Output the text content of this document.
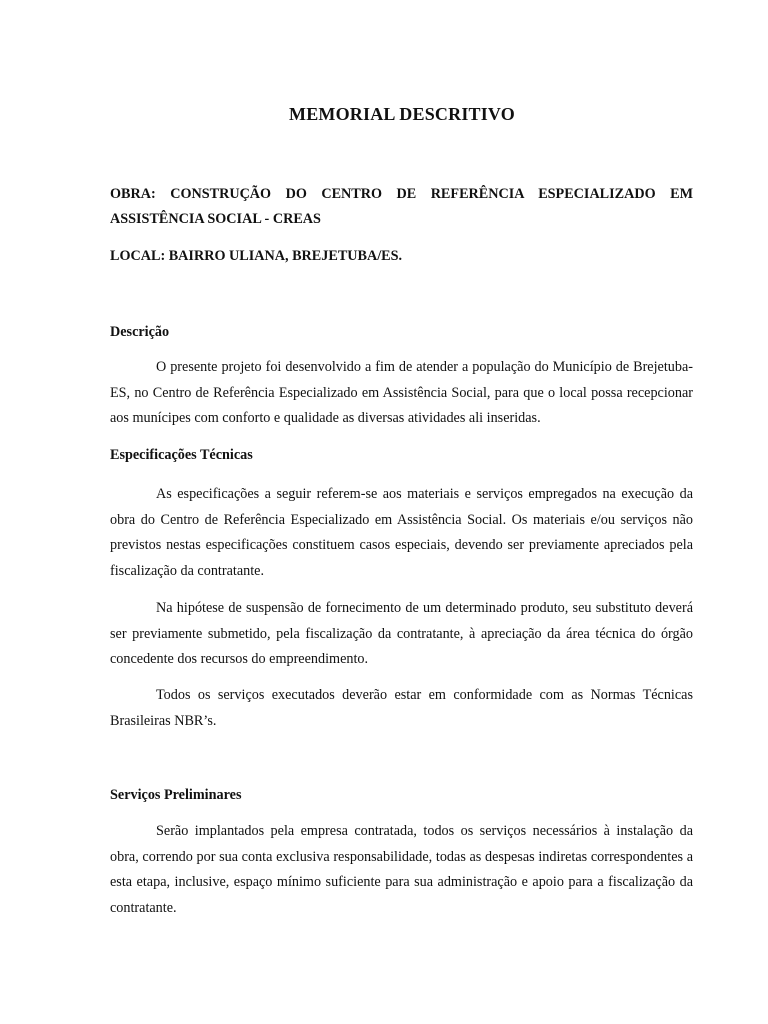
MEMORIAL DESCRITIVO
OBRA: CONSTRUÇÃO DO CENTRO DE REFERÊNCIA ESPECIALIZADO EM ASSISTÊNCIA SOCIAL - CREAS
LOCAL: BAIRRO ULIANA, BREJETUBA/ES.
Descrição
O presente projeto foi desenvolvido a fim de atender a população do Município de Brejetuba-ES, no Centro de Referência Especializado em Assistência Social, para que o local possa recepcionar aos munícipes com conforto e qualidade as diversas atividades ali inseridas.
Especificações Técnicas
As especificações a seguir referem-se aos materiais e serviços empregados na execução da obra do Centro de Referência Especializado em Assistência Social. Os materiais e/ou serviços não previstos nestas especificações constituem casos especiais, devendo ser previamente apreciados pela fiscalização da contratante.
Na hipótese de suspensão de fornecimento de um determinado produto, seu substituto deverá ser previamente submetido, pela fiscalização da contratante, à apreciação da área técnica do órgão concedente dos recursos do empreendimento.
Todos os serviços executados deverão estar em conformidade com as Normas Técnicas Brasileiras NBR’s.
Serviços Preliminares
Serão implantados pela empresa contratada, todos os serviços necessários à instalação da obra, correndo por sua conta exclusiva responsabilidade, todas as despesas indiretas correspondentes a esta etapa, inclusive, espaço mínimo suficiente para sua administração e apoio para a fiscalização da contratante.
